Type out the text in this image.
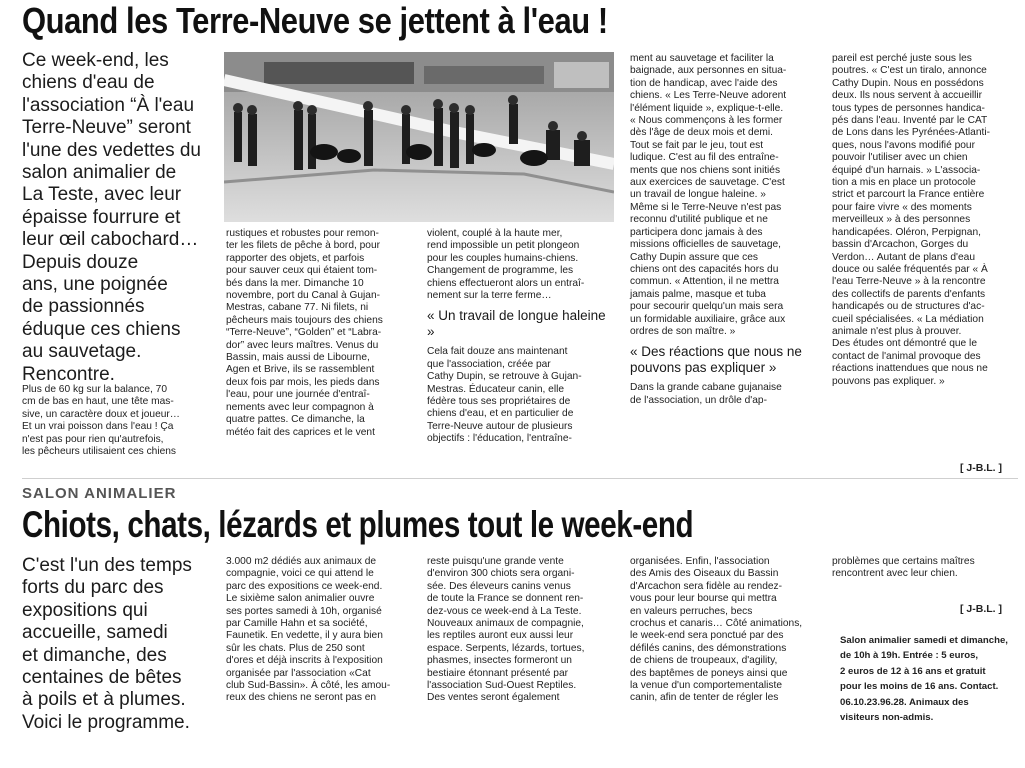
Quand les Terre-Neuve se jettent à l'eau !

Ce week-end, les
chiens d'eau de
l'association “À l'eau
Terre-Neuve” seront
l'une des vedettes du
salon animalier de
La Teste, avec leur
épaisse fourrure et
leur œil cabochard…
Depuis douze
ans, une poignée
de passionnés
éduque ces chiens
au sauvetage.
Rencontre.

Plus de 60 kg sur la balance, 70
cm de bas en haut, une tête mas-
sive, un caractère doux et joueur…
Et un vrai poisson dans l'eau ! Ça
n'est pas pour rien qu'autrefois,
les pêcheurs utilisaient ces chiens

rustiques et robustes pour remon-
ter les filets de pêche à bord, pour
rapporter des objets, et parfois
pour sauver ceux qui étaient tom-
bés dans la mer. Dimanche 10
novembre, port du Canal à Gujan-
Mestras, cabane 77. Ni filets, ni
pêcheurs mais toujours des chiens
“Terre-Neuve”, “Golden” et “Labra-
dor” avec leurs maîtres. Venus du
Bassin, mais aussi de Libourne,
Agen et Brive, ils se rassemblent
deux fois par mois, les pieds dans
l'eau, pour une journée d'entraî-
nements avec leur compagnon à
quatre pattes. Ce dimanche, la
météo fait des caprices et le vent

violent, couplé à la haute mer,
rend impossible un petit plongeon
pour les couples humains-chiens.
Changement de programme, les
chiens effectueront alors un entraî-
nement sur la terre ferme…

« Un travail de longue haleine »

Cela fait douze ans maintenant
que l'association, créée par
Cathy Dupin, se retrouve à Gujan-
Mestras. Éducateur canin, elle
fédère tous ses propriétaires de
chiens d'eau, et en particulier de
Terre-Neuve autour de plusieurs
objectifs : l'éducation, l'entraîne-

ment au sauvetage et faciliter la
baignade, aux personnes en situa-
tion de handicap, avec l'aide des
chiens. « Les Terre-Neuve adorent
l'élément liquide », explique-t-elle.
« Nous commençons à les former
dès l'âge de deux mois et demi.
Tout se fait par le jeu, tout est
ludique. C'est au fil des entraîne-
ments que nos chiens sont initiés
aux exercices de sauvetage. C'est
un travail de longue haleine. »
Même si le Terre-Neuve n'est pas
reconnu d'utilité publique et ne
participera donc jamais à des
missions officielles de sauvetage,
Cathy Dupin assure que ces
chiens ont des capacités hors du
commun. « Attention, il ne mettra
jamais palme, masque et tuba
pour secourir quelqu'un mais sera
un formidable auxiliaire, grâce aux
ordres de son maître. »

« Des réactions que nous ne pouvons pas expliquer »

Dans la grande cabane gujanaise
de l'association, un drôle d'ap-

pareil est perché juste sous les
poutres. « C'est un tiralo, annonce
Cathy Dupin. Nous en possédons
deux. Ils nous servent à accueillir
tous types de personnes handica-
pés dans l'eau. Inventé par le CAT
de Lons dans les Pyrénées-Atlanti-
ques, nous l'avons modifié pour
pouvoir l'utiliser avec un chien
équipé d'un harnais. » L'associa-
tion a mis en place un protocole
strict et parcourt la France entière
pour faire vivre « des moments
merveilleux » à des personnes
handicapées. Oléron, Perpignan,
bassin d'Arcachon, Gorges du
Verdon… Autant de plans d'eau
douce ou salée fréquentés par « À
l'eau Terre-Neuve » à la rencontre
des collectifs de parents d'enfants
handicapés ou de structures d'ac-
cueil spécialisées. « La médiation
animale n'est plus à prouver.
Des études ont démontré que le
contact de l'animal provoque des
réactions inattendues que nous ne
pouvons pas expliquer. »

[ J-B.L. ]
SALON ANIMALIER
Chiots, chats, lézards et plumes tout le week-end

C'est l'un des temps
forts du parc des
expositions qui
accueille, samedi
et dimanche, des
centaines de bêtes
à poils et à plumes.
Voici le programme.

3.000 m2 dédiés aux animaux de
compagnie, voici ce qui attend le
parc des expositions ce week-end.
Le sixième salon animalier ouvre
ses portes samedi à 10h, organisé
par Camille Hahn et sa société,
Faunetik. En vedette, il y aura bien
sûr les chats. Plus de 250 sont
d'ores et déjà inscrits à l'exposition
organisée par l'association «Cat
club Sud-Bassin». À côté, les amou-
reux des chiens ne seront pas en

reste puisqu'une grande vente
d'environ 300 chiots sera organi-
sée. Des éleveurs canins venus
de toute la France se donnent ren-
dez-vous ce week-end à La Teste.
Nouveaux animaux de compagnie,
les reptiles auront eux aussi leur
espace. Serpents, lézards, tortues,
phasmes, insectes formeront un
bestiaire étonnant présenté par
l'association Sud-Ouest Reptiles.
Des ventes seront également

organisées. Enfin, l'association
des Amis des Oiseaux du Bassin
d'Arcachon sera fidèle au rendez-
vous pour leur bourse qui mettra
en valeurs perruches, becs
crochus et canaris… Côté animations,
le week-end sera ponctué par des
défilés canins, des démonstrations
de chiens de troupeaux, d'agility,
des baptêmes de poneys ainsi que
la venue d'un comportementaliste
canin, afin de tenter de régler les

problèmes que certains maîtres
rencontrent avec leur chien.

[ J-B.L. ]

Salon animalier samedi et dimanche,
de 10h à 19h. Entrée : 5 euros,
2 euros de 12 à 16 ans et gratuit
pour les moins de 16 ans. Contact.
06.10.23.96.28. Animaux des
visiteurs non-admis.
